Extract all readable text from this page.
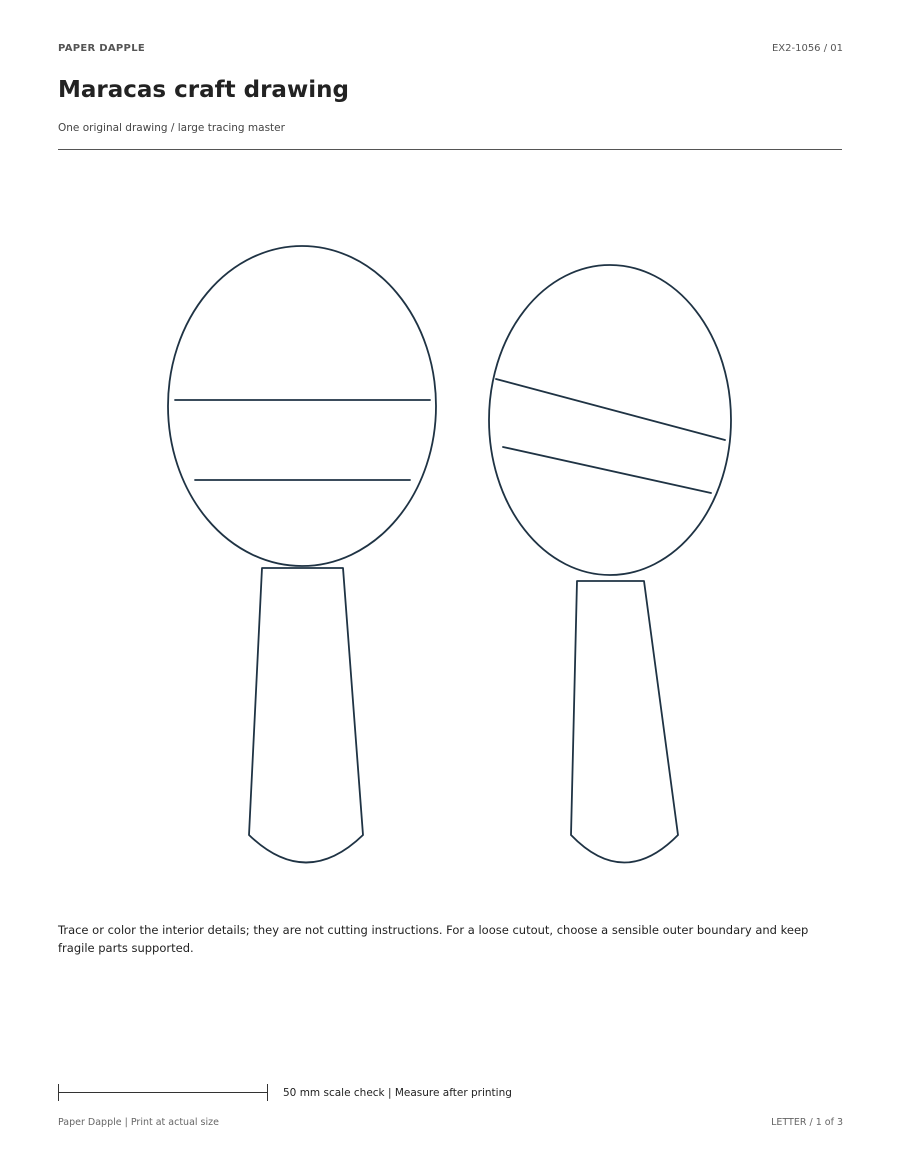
PAPER DAPPLE	EX2-1056 / 01
Maracas craft drawing
One original drawing / large tracing master
Trace or color the interior details; they are not cutting instructions. For a loose cutout, choose a sensible outer boundary and keep fragile parts supported.
50 mm scale check | Measure after printing
Paper Dapple | Print at actual size	LETTER / 1 of 3
